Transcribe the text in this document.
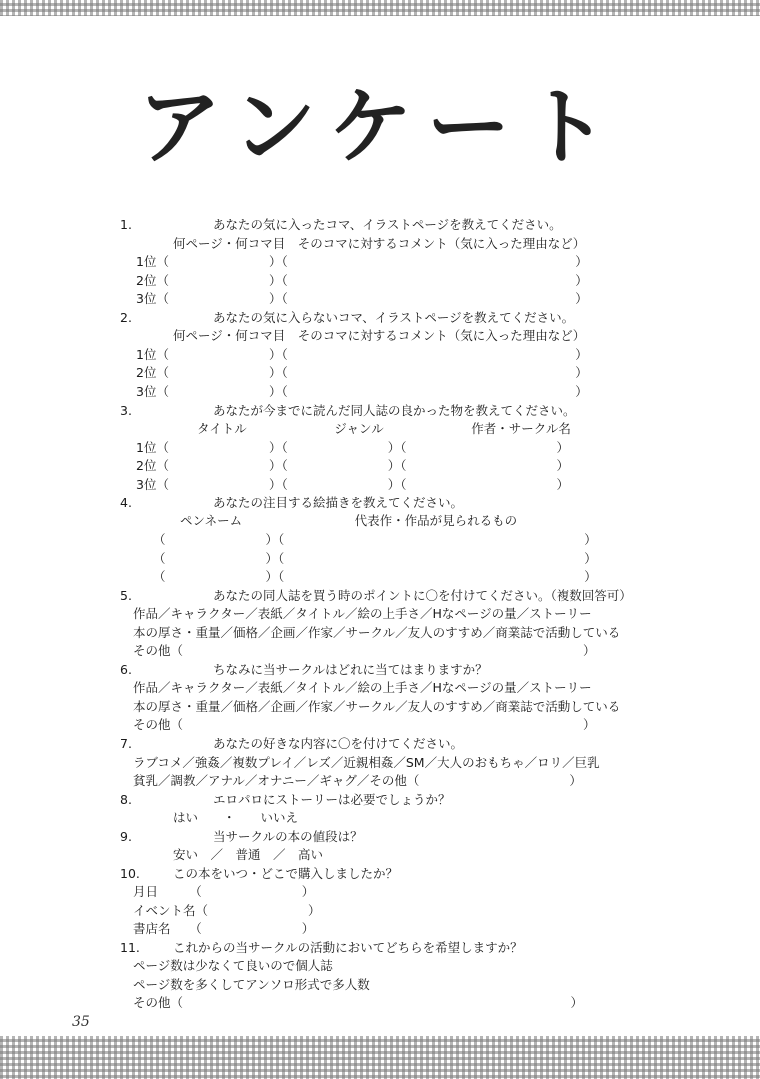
アンケート
1.	あなたの気に入ったコマ、イラストページを教えてください。
何ページ・何コマ目　そのコマに対するコメント（気に入った理由など）
1位（　　　　　　　　）（　　　　　　　　　　　　　　　　　　　　　　　）
2位（　　　　　　　　）（　　　　　　　　　　　　　　　　　　　　　　　）
3位（　　　　　　　　）（　　　　　　　　　　　　　　　　　　　　　　　）
2.	あなたの気に入らないコマ、イラストページを教えてください。
何ページ・何コマ目　そのコマに対するコメント（気に入った理由など）
1位（　　　　　　　　）（　　　　　　　　　　　　　　　　　　　　　　　）
2位（　　　　　　　　）（　　　　　　　　　　　　　　　　　　　　　　　）
3位（　　　　　　　　）（　　　　　　　　　　　　　　　　　　　　　　　）
3.	あなたが今までに読んだ同人誌の良かった物を教えてください。
タイトル　　　　　　　ジャンル　　　　　　　作者・サークル名
1位（　　　　　　　　）（　　　　　　　　）（　　　　　　　　　　　　）
2位（　　　　　　　　）（　　　　　　　　）（　　　　　　　　　　　　）
3位（　　　　　　　　）（　　　　　　　　）（　　　　　　　　　　　　）
4.	あなたの注目する絵描きを教えてください。
ペンネーム　　　　　　　　　代表作・作品が見られるもの
（　　　　　　　　）（　　　　　　　　　　　　　　　　　　　　　　　　）
（　　　　　　　　）（　　　　　　　　　　　　　　　　　　　　　　　　）
（　　　　　　　　）（　　　　　　　　　　　　　　　　　　　　　　　　）
5.	あなたの同人誌を買う時のポイントに〇を付けてください。（複数回答可）
作品／キャラクター／表紙／タイトル／絵の上手さ／Hなページの量／ストーリー
本の厚さ・重量／価格／企画／作家／サークル／友人のすすめ／商業誌で活動している
その他（　　　　　　　　　　　　　　　　　　　　　　　　　　　　　　　　）
6.	ちなみに当サークルはどれに当てはまりますか？
作品／キャラクター／表紙／タイトル／絵の上手さ／Hなページの量／ストーリー
本の厚さ・重量／価格／企画／作家／サークル／友人のすすめ／商業誌で活動している
その他（　　　　　　　　　　　　　　　　　　　　　　　　　　　　　　　　）
7.	あなたの好きな内容に〇を付けてください。
ラブコメ／強姦／複数プレイ／レズ／近親相姦／SM／大人のおもちゃ／ロリ／巨乳
貧乳／調教／アナル／オナニー／ギャグ／その他（　　　　　　　　　　　　）
8.	エロパロにストーリーは必要でしょうか？
はい　　・　　いいえ
9.	当サークルの本の値段は？
安い　／　普通　／　高い
10.	この本をいつ・どこで購入しましたか？
月日　　　（　　　　　　　　）
イベント名（　　　　　　　　）
書店名　　（　　　　　　　　）
11.	これからの当サークルの活動においてどちらを希望しますか？
ページ数は少なくて良いので個人誌
ページ数を多くしてアンソロ形式で多人数
その他（　　　　　　　　　　　　　　　　　　　　　　　　　　　　　　　）
35
